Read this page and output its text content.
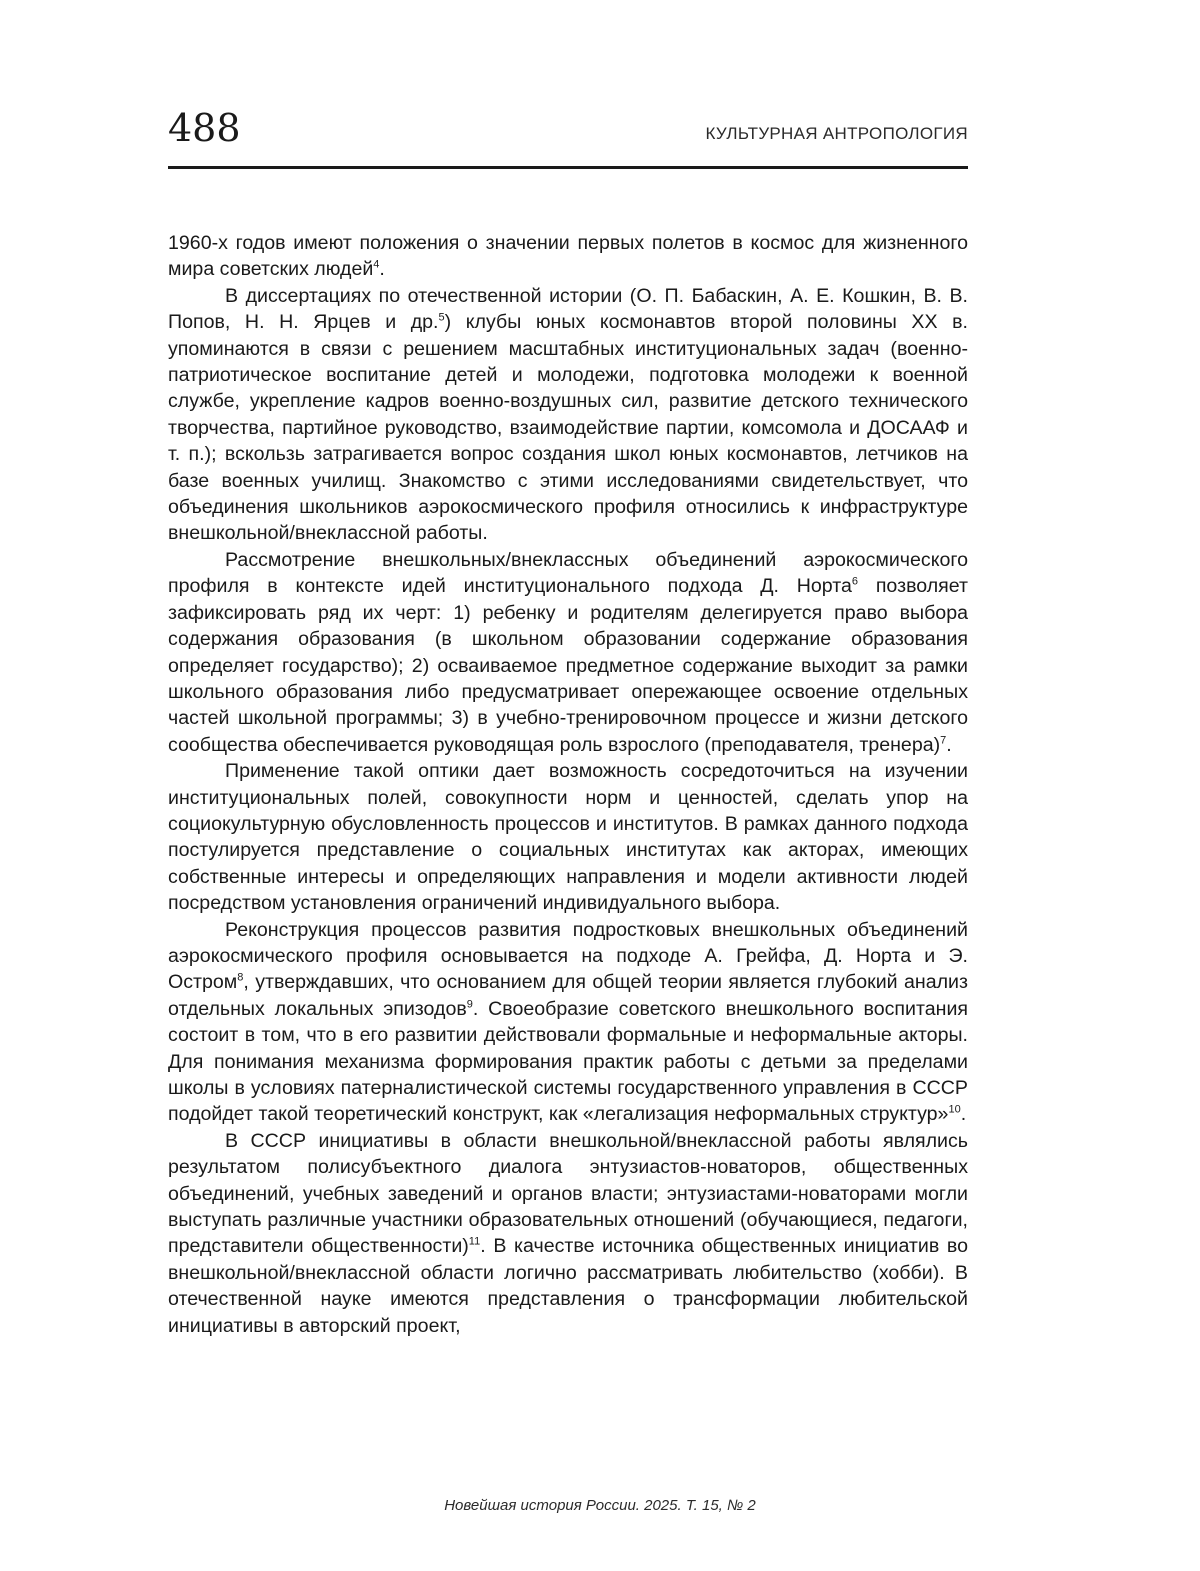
488	КУЛЬТУРНАЯ АНТРОПОЛОГИЯ

1960-х годов имеют положения о значении первых полетов в космос для жизненного мира советских людей$^4$.

В диссертациях по отечественной истории (О. П. Бабаскин, А. Е. Кошкин, В. В. Попов, Н. Н. Ярцев и др.$^5$) клубы юных космонавтов второй половины XX в. упоминаются в связи с решением масштабных институциональных задач (военно-патриотическое воспитание детей и молодежи, подготовка молодежи к военной службе, укрепление кадров военно-воздушных сил, развитие детского технического творчества, партийное руководство, взаимодействие партии, комсомола и ДОСААФ и т. п.); вскользь затрагивается вопрос создания школ юных космонавтов, летчиков на базе военных училищ. Знакомство с этими исследованиями свидетельствует, что объединения школьников аэрокосмического профиля относились к инфраструктуре внешкольной/внеклассной работы.

Рассмотрение внешкольных/внеклассных объединений аэрокосмического профиля в контексте идей институционального подхода Д. Норта$^6$ позволяет зафиксировать ряд их черт: 1) ребенку и родителям делегируется право выбора содержания образования (в школьном образовании содержание образования определяет государство); 2) осваиваемое предметное содержание выходит за рамки школьного образования либо предусматривает опережающее освоение отдельных частей школьной программы; 3) в учебно-тренировочном процессе и жизни детского сообщества обеспечивается руководящая роль взрослого (преподавателя, тренера)$^7$.

Применение такой оптики дает возможность сосредоточиться на изучении институциональных полей, совокупности норм и ценностей, сделать упор на социокультурную обусловленность процессов и институтов. В рамках данного подхода постулируется представление о социальных институтах как акторах, имеющих собственные интересы и определяющих направления и модели активности людей посредством установления ограничений индивидуального выбора.

Реконструкция процессов развития подростковых внешкольных объединений аэрокосмического профиля основывается на подходе А. Грейфа, Д. Норта и Э. Остром$^8$, утверждавших, что основанием для общей теории является глубокий анализ отдельных локальных эпизодов$^9$. Своеобразие советского внешкольного воспитания состоит в том, что в его развитии действовали формальные и неформальные акторы. Для понимания механизма формирования практик работы с детьми за пределами школы в условиях патерналистической системы государственного управления в СССР подойдет такой теоретический конструкт, как «легализация неформальных структур»$^{10}$.

В СССР инициативы в области внешкольной/внеклассной работы являлись результатом полисубъектного диалога энтузиастов-новаторов, общественных объединений, учебных заведений и органов власти; энтузиастами-новаторами могли выступать различные участники образовательных отношений (обучающиеся, педагоги, представители общественности)$^{11}$. В качестве источника общественных инициатив во внешкольной/внеклассной области логично рассматривать любительство (хобби). В отечественной науке имеются представления о трансформации любительской инициативы в авторский проект,

Новейшая история России. 2025. Т. 15, № 2
